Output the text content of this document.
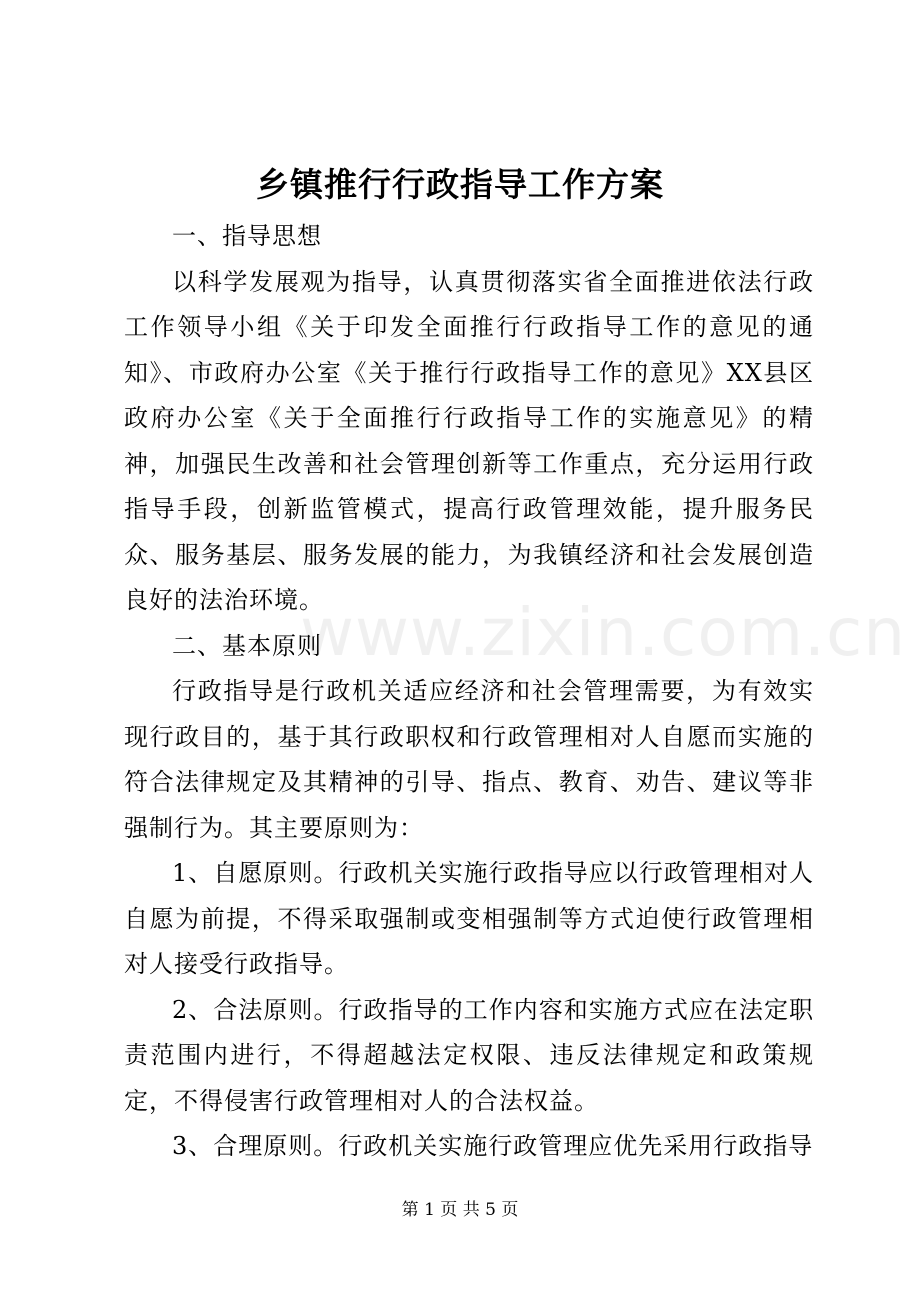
www.zixin.com.cn
乡镇推行行政指导工作方案

一、指导思想

以科学发展观为指导，认真贯彻落实省全面推进依法行政工作领导小组《关于印发全面推行行政指导工作的意见的通知》、市政府办公室《关于推行行政指导工作的意见》XX县区政府办公室《关于全面推行行政指导工作的实施意见》的精神，加强民生改善和社会管理创新等工作重点，充分运用行政指导手段，创新监管模式，提高行政管理效能，提升服务民众、服务基层、服务发展的能力，为我镇经济和社会发展创造良好的法治环境。

二、基本原则

行政指导是行政机关适应经济和社会管理需要，为有效实现行政目的，基于其行政职权和行政管理相对人自愿而实施的符合法律规定及其精神的引导、指点、教育、劝告、建议等非强制行为。其主要原则为：

1、自愿原则。行政机关实施行政指导应以行政管理相对人自愿为前提，不得采取强制或变相强制等方式迫使行政管理相对人接受行政指导。

2、合法原则。行政指导的工作内容和实施方式应在法定职责范围内进行，不得超越法定权限、违反法律规定和政策规定，不得侵害行政管理相对人的合法权益。

3、合理原则。行政机关实施行政管理应优先采用行政指导

第 1 页 共 5 页
